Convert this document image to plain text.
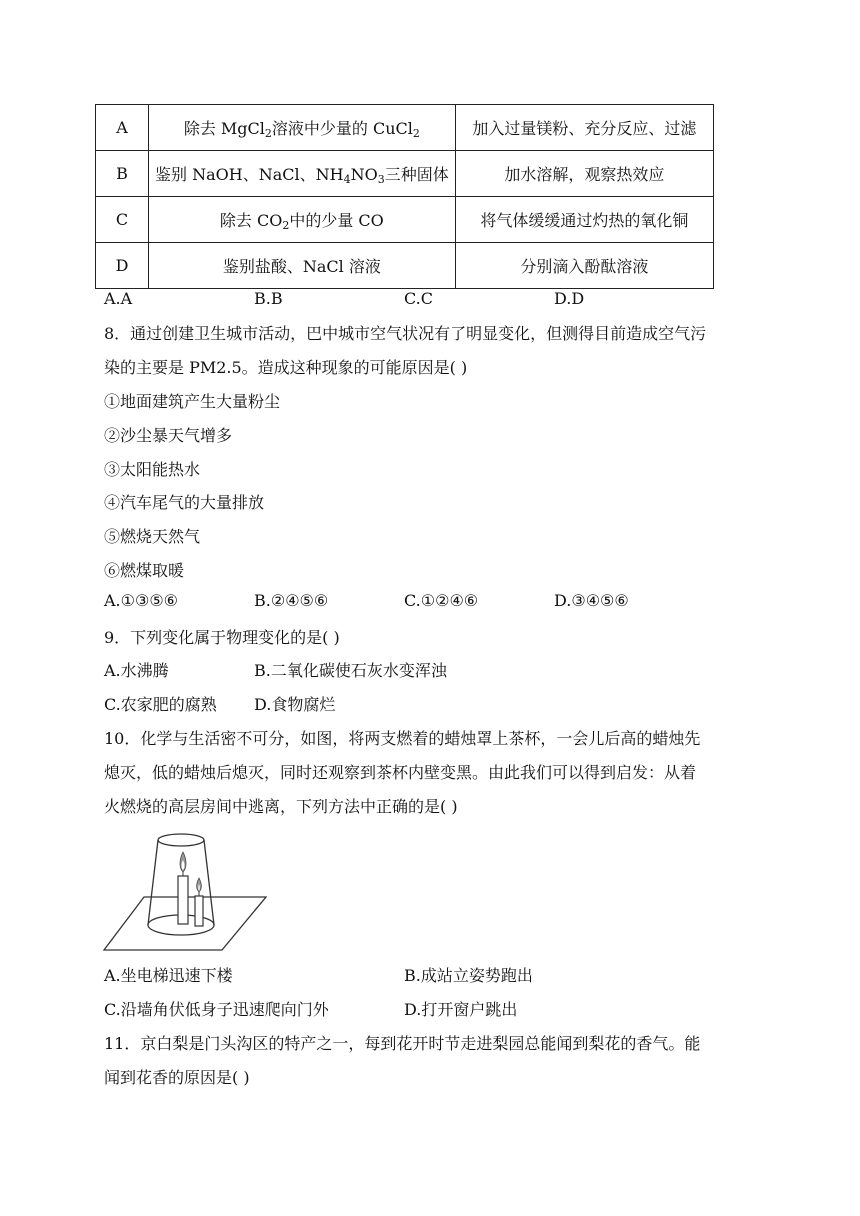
A	除去 MgCl$_2$溶液中少量的 CuCl$_2$	加入过量镁粉、充分反应、过滤
B	鉴别 NaOH、NaCl、$NH_4NO_3$三种固体	加水溶解，观察热效应
C	除去 $CO_2$中的少量 CO	将气体缓缓通过灼热的氧化铜
D	鉴别盐酸、NaCl 溶液	分别滴入酚酞溶液
A.A	B.B	C.C	D.D
8．通过创建卫生城市活动，巴中城市空气状况有了明显变化，但测得目前造成空气污
染的主要是 PM2.5。造成这种现象的可能原因是( )
①地面建筑产生大量粉尘
②沙尘暴天气增多
③太阳能热水
④汽车尾气的大量排放
⑤燃烧天然气
⑥燃煤取暖
A.①③⑤⑥	B.②④⑤⑥	C.①②④⑥	D.③④⑤⑥
9．下列变化属于物理变化的是( )
A.水沸腾	B.二氧化碳使石灰水变浑浊
C.农家肥的腐熟 D.食物腐烂
10．化学与生活密不可分，如图，将两支燃着的蜡烛罩上茶杯，一会儿后高的蜡烛先
熄灭，低的蜡烛后熄灭，同时还观察到茶杯内壁变黑。由此我们可以得到启发：从着
火燃烧的高层房间中逃离，下列方法中正确的是( )
A.坐电梯迅速下楼	B.成站立姿势跑出
C.沿墙角伏低身子迅速爬向门外	D.打开窗户跳出
11．京白梨是门头沟区的特产之一，每到花开时节走进梨园总能闻到梨花的香气。能
闻到花香的原因是( )
